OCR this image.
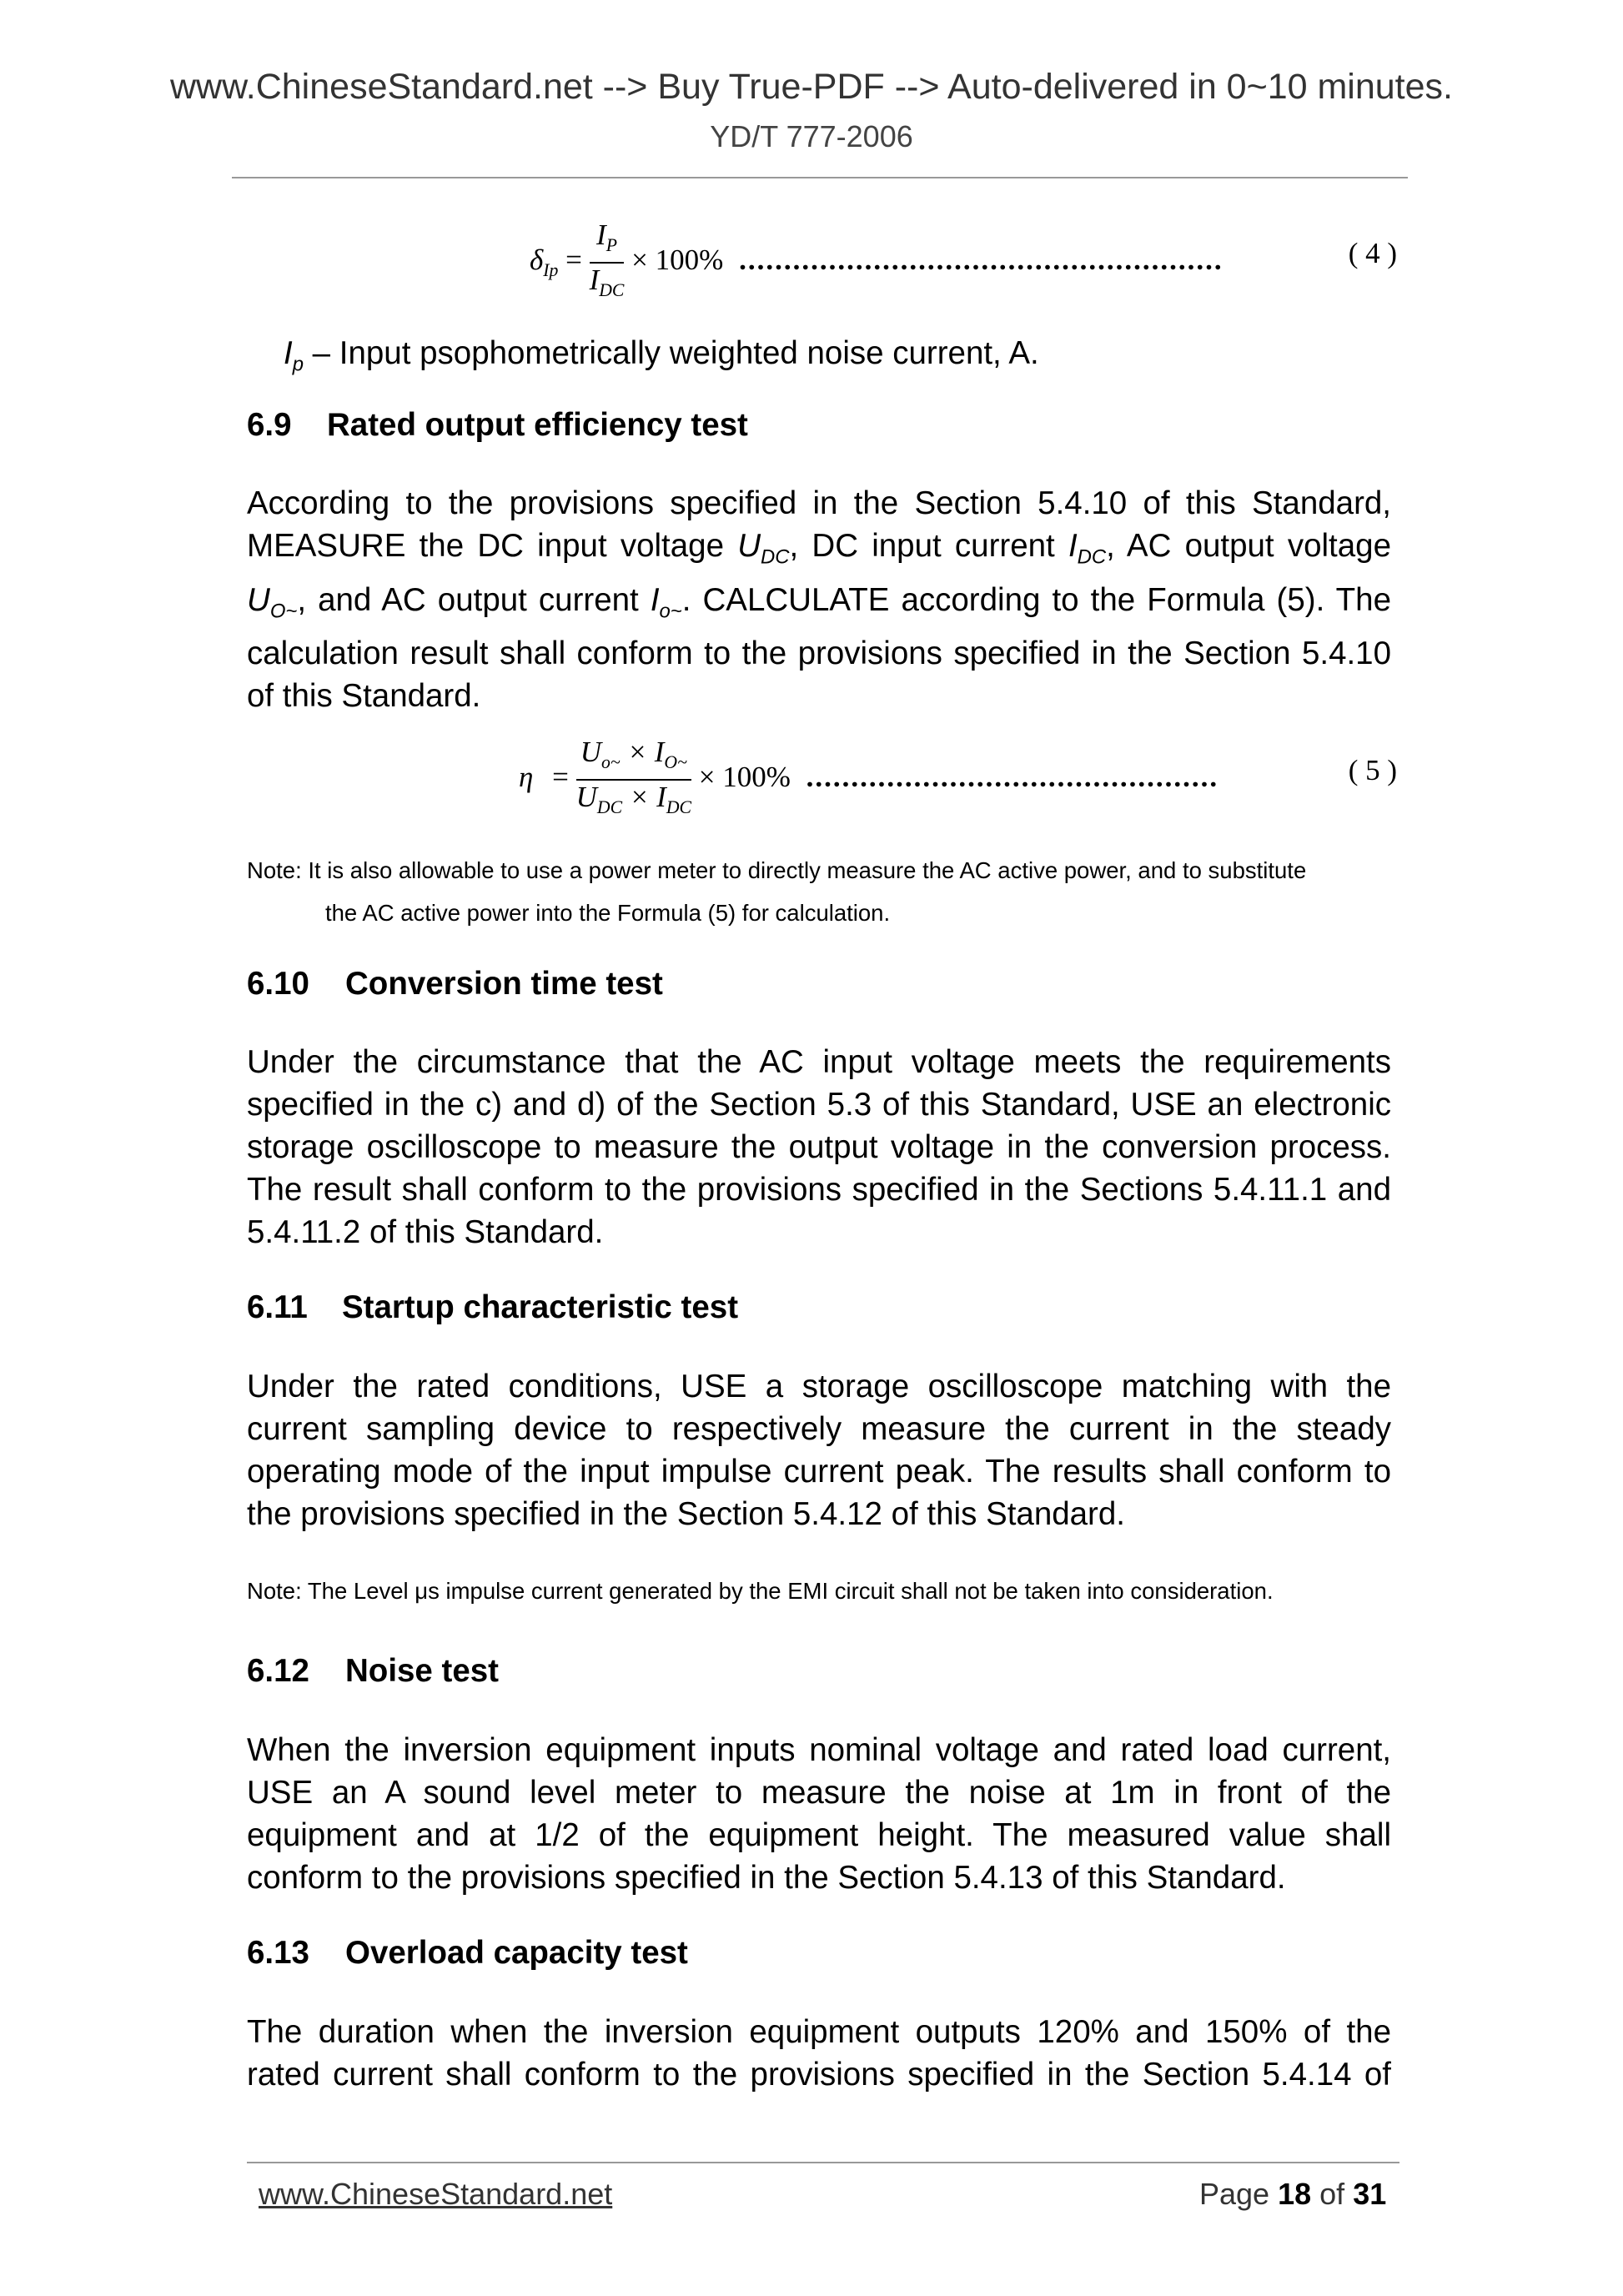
www.ChineseStandard.net --> Buy True-PDF --> Auto-delivered in 0~10 minutes.
YD/T 777-2006
$\delta_{Ip} = \frac{I_P}{I_{DC}} \times 100\%$ ......................................................	( 4 )
$I_p$ – Input psophometrically weighted noise current, A.
6.9 Rated output efficiency test
According to the provisions specified in the Section 5.4.10 of this Standard, MEASURE the DC input voltage $U_{DC}$, DC input current $I_{DC}$, AC output voltage $U_{O\sim}$, and AC output current $I_{o\sim}$. CALCULATE according to the Formula (5). The calculation result shall conform to the provisions specified in the Section 5.4.10 of this Standard.
$\eta = \frac{U_{o\sim} \times I_{O\sim}}{U_{DC} \times I_{DC}} \times 100\%$ ..............................................	( 5 )
Note: It is also allowable to use a power meter to directly measure the AC active power, and to substitute
the AC active power into the Formula (5) for calculation.
6.10 Conversion time test
Under the circumstance that the AC input voltage meets the requirements specified in the c) and d) of the Section 5.3 of this Standard, USE an electronic storage oscilloscope to measure the output voltage in the conversion process. The result shall conform to the provisions specified in the Sections 5.4.11.1 and 5.4.11.2 of this Standard.
6.11 Startup characteristic test
Under the rated conditions, USE a storage oscilloscope matching with the current sampling device to respectively measure the current in the steady operating mode of the input impulse current peak. The results shall conform to the provisions specified in the Section 5.4.12 of this Standard.
Note: The Level μs impulse current generated by the EMI circuit shall not be taken into consideration.
6.12 Noise test
When the inversion equipment inputs nominal voltage and rated load current, USE an A sound level meter to measure the noise at 1m in front of the equipment and at 1/2 of the equipment height. The measured value shall conform to the provisions specified in the Section 5.4.13 of this Standard.
6.13 Overload capacity test
The duration when the inversion equipment outputs 120% and 150% of the rated current shall conform to the provisions specified in the Section 5.4.14 of
www.ChineseStandard.net	Page 18 of 31
